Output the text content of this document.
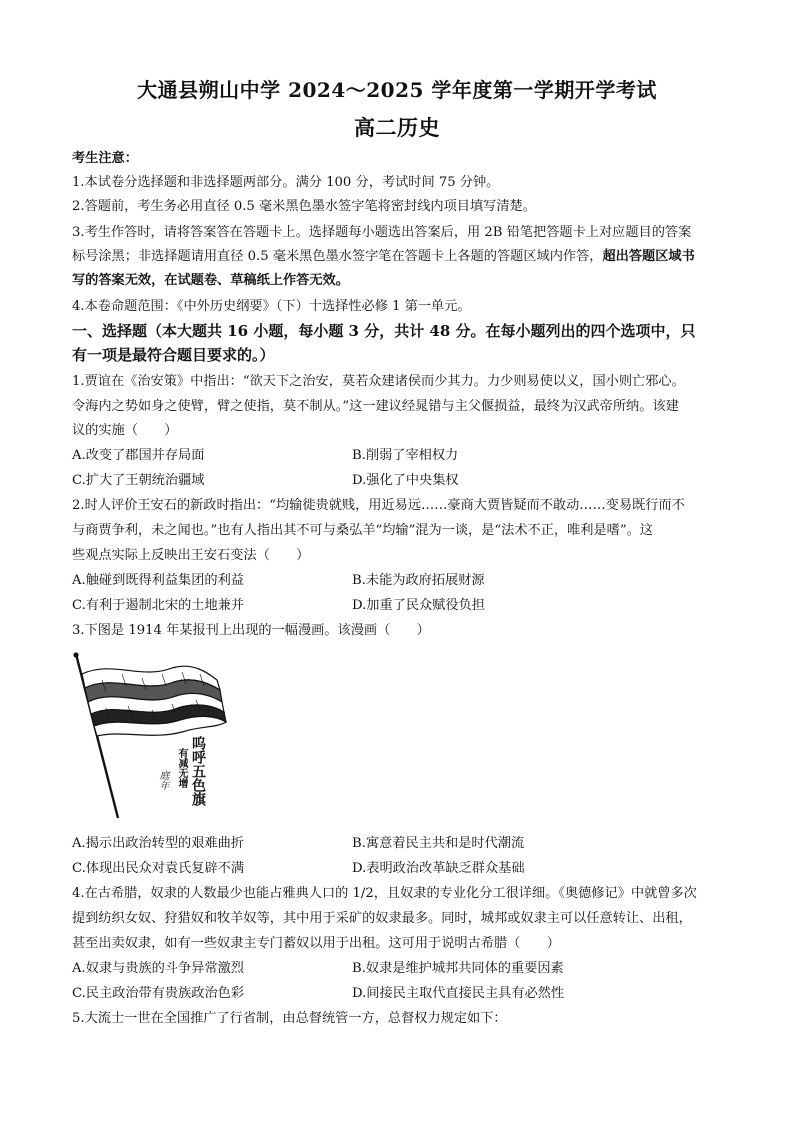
大通县朔山中学 2024～2025 学年度第一学期开学考试
高二历史
考生注意：
1.本试卷分选择题和非选择题两部分。满分 100 分，考试时间 75 分钟。
2.答题前，考生务必用直径 0.5 毫米黑色墨水签字笔将密封线内项目填写清楚。
3.考生作答时，请将答案答在答题卡上。选择题每小题选出答案后，用 2B 铅笔把答题卡上对应题目的答案
标号涂黑；非选择题请用直径 0.5 毫米黑色墨水签字笔在答题卡上各题的答题区域内作答，超出答题区域书
写的答案无效，在试题卷、草稿纸上作答无效。
4.本卷命题范围：《中外历史纲要》（下）十选择性必修 1 第一单元。
一、选择题（本大题共 16 小题，每小题 3 分，共计 48 分。在每小题列出的四个选项中，只
有一项是最符合题目要求的。）
1.贾谊在《治安策》中指出：“欲天下之治安，莫若众建诸侯而少其力。力少则易使以义，国小则亡邪心。
令海内之势如身之使臂，臂之使指，莫不制从。”这一建议经晁错与主父偃损益，最终为汉武帝所纳。该建
议的实施（　　）
A.改变了郡国并存局面	B.削弱了宰相权力
C.扩大了王朝统治疆域	D.强化了中央集权
2.时人评价王安石的新政时指出：“均输徙贵就贱，用近易远……豪商大贾皆疑而不敢动……变易既行而不
与商贾争利，未之闻也。”也有人指出其不可与桑弘羊“均输”混为一谈，是“法术不正，唯利是嗜”。这
些观点实际上反映出王安石变法（　　）
A.触碰到既得利益集团的利益	B.未能为政府拓展财源
C.有利于遏制北宋的土地兼并	D.加重了民众赋役负担
3.下图是 1914 年某报刊上出现的一幅漫画。该漫画（　　）
呜呼五色旗
有减无增
庭年
A.揭示出政治转型的艰难曲折	B.寓意着民主共和是时代潮流
C.体现出民众对袁氏复辟不满	D.表明政治改革缺乏群众基础
4.在古希腊，奴隶的人数最少也能占雅典人口的 1/2，且奴隶的专业化分工很详细。《奥德修记》中就曾多次
提到纺织女奴、狩猎奴和牧羊奴等，其中用于采矿的奴隶最多。同时，城邦或奴隶主可以任意转让、出租，
甚至出卖奴隶，如有一些奴隶主专门蓄奴以用于出租。这可用于说明古希腊（　　）
A.奴隶与贵族的斗争异常激烈	B.奴隶是维护城邦共同体的重要因素
C.民主政治带有贵族政治色彩	D.间接民主取代直接民主具有必然性
5.大流士一世在全国推广了行省制，由总督统管一方，总督权力规定如下：
